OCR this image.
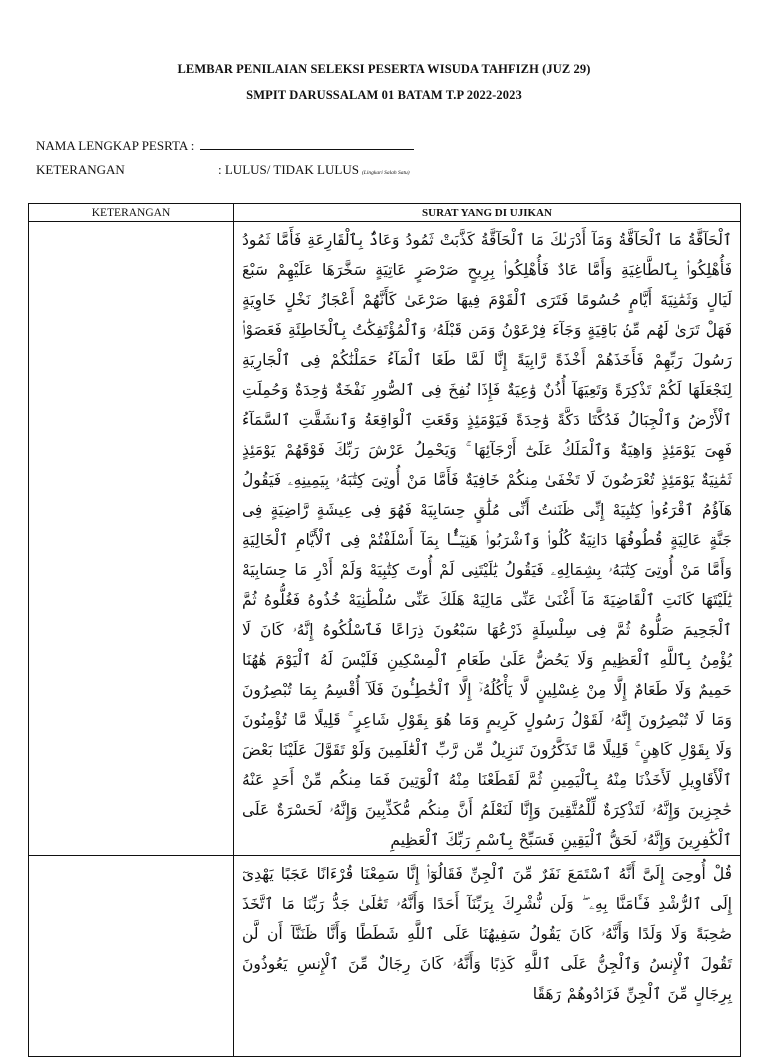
LEMBAR PENILAIAN SELEKSI PESERTA WISUDA TAHFIZH (JUZ 29)
SMPIT DARUSSALAM 01 BATAM T.P 2022-2023
NAMA LENGKAP PESRTA :
KETERANGAN	: LULUS/ TIDAK LULUS (Lingkari Salah Satu)
KETERANGAN	SURAT YANG DI UJIKAN

	ٱلْحَآقَّةُ مَا ٱلْحَآقَّةُ وَمَآ أَدْرَىٰكَ مَا ٱلْحَآقَّةُ كَذَّبَتْ ثَمُودُ وَعَادٌۢ بِٱلْقَارِعَةِ فَأَمَّا ثَمُودُ فَأُهْلِكُوا۟ بِٱلطَّاغِيَةِ وَأَمَّا عَادٌ فَأُهْلِكُوا۟ بِرِيحٍ صَرْصَرٍ عَاتِيَةٍ سَخَّرَهَا عَلَيْهِمْ سَبْعَ لَيَالٍ وَثَمَٰنِيَةَ أَيَّامٍ حُسُومًا فَتَرَى ٱلْقَوْمَ فِيهَا صَرْعَىٰ كَأَنَّهُمْ أَعْجَازُ نَخْلٍ خَاوِيَةٍ فَهَلْ تَرَىٰ لَهُم مِّنۢ بَاقِيَةٍ وَجَآءَ فِرْعَوْنُ وَمَن قَبْلَهُۥ وَٱلْمُؤْتَفِكَٰتُ بِٱلْخَاطِئَةِ فَعَصَوْا۟ رَسُولَ رَبِّهِمْ فَأَخَذَهُمْ أَخْذَةً رَّابِيَةً إِنَّا لَمَّا طَغَا ٱلْمَآءُ حَمَلْنَٰكُمْ فِى ٱلْجَارِيَةِ لِنَجْعَلَهَا لَكُمْ تَذْكِرَةً وَتَعِيَهَآ أُذُنٌ وَٰعِيَةٌ فَإِذَا نُفِخَ فِى ٱلصُّورِ نَفْخَةٌ وَٰحِدَةٌ وَحُمِلَتِ ٱلْأَرْضُ وَٱلْجِبَالُ فَدُكَّتَا دَكَّةً وَٰحِدَةً فَيَوْمَئِذٍ وَقَعَتِ ٱلْوَاقِعَةُ وَٱنشَقَّتِ ٱلسَّمَآءُ فَهِىَ يَوْمَئِذٍ وَاهِيَةٌ وَٱلْمَلَكُ عَلَىٰٓ أَرْجَآئِهَا ۚ وَيَحْمِلُ عَرْشَ رَبِّكَ فَوْقَهُمْ يَوْمَئِذٍ ثَمَٰنِيَةٌ يَوْمَئِذٍ تُعْرَضُونَ لَا تَخْفَىٰ مِنكُمْ خَافِيَةٌ فَأَمَّا مَنْ أُوتِىَ كِتَٰبَهُۥ بِيَمِينِهِۦ فَيَقُولُ هَآؤُمُ ٱقْرَءُوا۟ كِتَٰبِيَهْ إِنِّى ظَنَنتُ أَنِّى مُلَٰقٍ حِسَابِيَهْ فَهُوَ فِى عِيشَةٍ رَّاضِيَةٍ فِى جَنَّةٍ عَالِيَةٍ قُطُوفُهَا دَانِيَةٌ كُلُوا۟ وَٱشْرَبُوا۟ هَنِيٓـًٔۢا بِمَآ أَسْلَفْتُمْ فِى ٱلْأَيَّامِ ٱلْخَالِيَةِ وَأَمَّا مَنْ أُوتِىَ كِتَٰبَهُۥ بِشِمَالِهِۦ فَيَقُولُ يَٰلَيْتَنِى لَمْ أُوتَ كِتَٰبِيَهْ وَلَمْ أَدْرِ مَا حِسَابِيَهْ يَٰلَيْتَهَا كَانَتِ ٱلْقَاضِيَةَ مَآ أَغْنَىٰ عَنِّى مَالِيَهْ هَلَكَ عَنِّى سُلْطَٰنِيَهْ خُذُوهُ فَغُلُّوهُ ثُمَّ ٱلْجَحِيمَ صَلُّوهُ ثُمَّ فِى سِلْسِلَةٍ ذَرْعُهَا سَبْعُونَ ذِرَاعًا فَٱسْلُكُوهُ إِنَّهُۥ كَانَ لَا يُؤْمِنُ بِٱللَّهِ ٱلْعَظِيمِ وَلَا يَحُضُّ عَلَىٰ طَعَامِ ٱلْمِسْكِينِ فَلَيْسَ لَهُ ٱلْيَوْمَ هَٰهُنَا حَمِيمٌ وَلَا طَعَامٌ إِلَّا مِنْ غِسْلِينٍ لَّا يَأْكُلُهُۥٓ إِلَّا ٱلْخَٰطِـُٔونَ فَلَآ أُقْسِمُ بِمَا تُبْصِرُونَ وَمَا لَا تُبْصِرُونَ إِنَّهُۥ لَقَوْلُ رَسُولٍ كَرِيمٍ وَمَا هُوَ بِقَوْلِ شَاعِرٍ ۚ قَلِيلًا مَّا تُؤْمِنُونَ وَلَا بِقَوْلِ كَاهِنٍ ۚ قَلِيلًا مَّا تَذَكَّرُونَ تَنزِيلٌ مِّن رَّبِّ ٱلْعَٰلَمِينَ وَلَوْ تَقَوَّلَ عَلَيْنَا بَعْضَ ٱلْأَقَاوِيلِ لَأَخَذْنَا مِنْهُ بِٱلْيَمِينِ ثُمَّ لَقَطَعْنَا مِنْهُ ٱلْوَتِينَ فَمَا مِنكُم مِّنْ أَحَدٍ عَنْهُ حَٰجِزِينَ وَإِنَّهُۥ لَتَذْكِرَةٌ لِّلْمُتَّقِينَ وَإِنَّا لَنَعْلَمُ أَنَّ مِنكُم مُّكَذِّبِينَ وَإِنَّهُۥ لَحَسْرَةٌ عَلَى ٱلْكَٰفِرِينَ وَإِنَّهُۥ لَحَقُّ ٱلْيَقِينِ فَسَبِّحْ بِٱسْمِ رَبِّكَ ٱلْعَظِيمِ

	قُلْ أُوحِىَ إِلَىَّ أَنَّهُ ٱسْتَمَعَ نَفَرٌ مِّنَ ٱلْجِنِّ فَقَالُوٓا۟ إِنَّا سَمِعْنَا قُرْءَانًا عَجَبًا يَهْدِىٓ إِلَى ٱلرُّشْدِ فَـَٔامَنَّا بِهِۦ ۖ وَلَن نُّشْرِكَ بِرَبِّنَآ أَحَدًا وَأَنَّهُۥ تَعَٰلَىٰ جَدُّ رَبِّنَا مَا ٱتَّخَذَ صَٰحِبَةً وَلَا وَلَدًا وَأَنَّهُۥ كَانَ يَقُولُ سَفِيهُنَا عَلَى ٱللَّهِ شَطَطًا وَأَنَّا ظَنَنَّآ أَن لَّن تَقُولَ ٱلْإِنسُ وَٱلْجِنُّ عَلَى ٱللَّهِ كَذِبًا وَأَنَّهُۥ كَانَ رِجَالٌ مِّنَ ٱلْإِنسِ يَعُوذُونَ بِرِجَالٍ مِّنَ ٱلْجِنِّ فَزَادُوهُمْ رَهَقًا
